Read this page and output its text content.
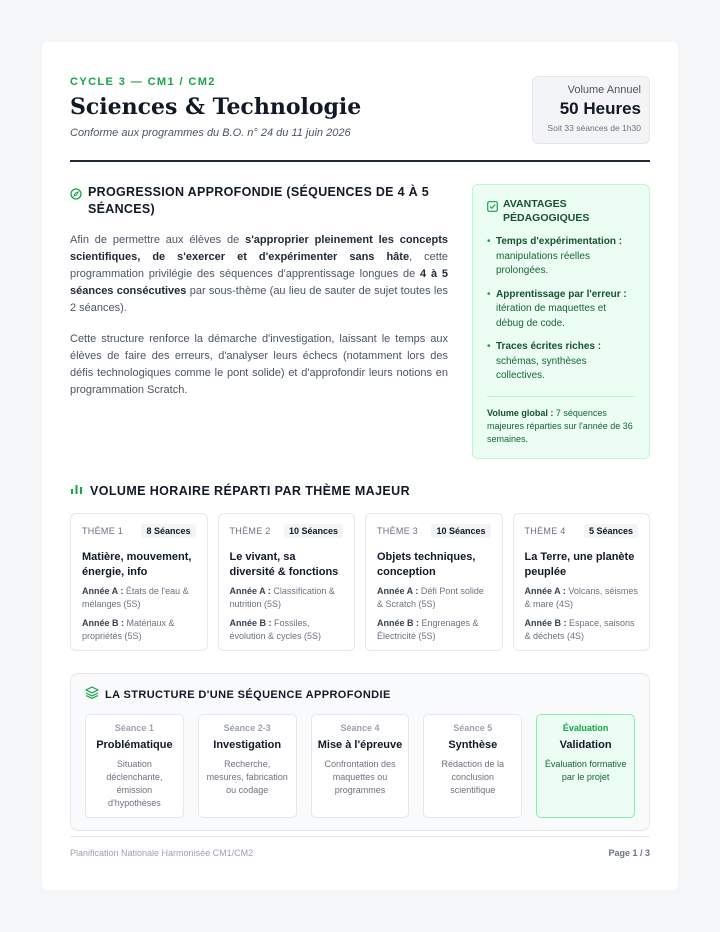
CYCLE 3 — CM1 / CM2
Sciences & Technologie
Conforme aux programmes du B.O. n° 24 du 11 juin 2026
Volume Annuel
50 Heures
Soit 33 séances de 1h30
PROGRESSION APPROFONDIE (SÉQUENCES DE 4 À 5 SÉANCES)

Afin de permettre aux élèves de s'approprier pleinement les concepts scientifiques, de s'exercer et d'expérimenter sans hâte, cette programmation privilégie des séquences d'apprentissage longues de 4 à 5 séances consécutives par sous-thème (au lieu de sauter de sujet toutes les 2 séances).

Cette structure renforce la démarche d'investigation, laissant le temps aux élèves de faire des erreurs, d'analyser leurs échecs (notamment lors des défis technologiques comme le pont solide) et d'approfondir leurs notions en programmation Scratch.

AVANTAGES PÉDAGOGIQUES
• Temps d'expérimentation : manipulations réelles prolongées.
• Apprentissage par l'erreur : itération de maquettes et débug de code.
• Traces écrites riches : schémas, synthèses collectives.
Volume global : 7 séquences majeures réparties sur l'année de 36 semaines.
VOLUME HORAIRE RÉPARTI PAR THÈME MAJEUR
THÈME 1	8 Séances
Matière, mouvement, énergie, info
Année A : États de l'eau & mélanges (5S)
Année B : Matériaux & propriétés (5S)
THÈME 2	10 Séances
Le vivant, sa diversité & fonctions
Année A : Classification & nutrition (5S)
Année B : Fossiles, évolution & cycles (5S)
THÈME 3	10 Séances
Objets techniques, conception
Année A : Défi Pont solide & Scratch (5S)
Année B : Engrenages & Électricité (5S)
THÈME 4	5 Séances
La Terre, une planète peuplée
Année A : Volcans, séismes & mare (4S)
Année B : Espace, saisons & déchets (4S)
LA STRUCTURE D'UNE SÉQUENCE APPROFONDIE
Séance 1
Problématique
Situation déclenchante, émission d'hypothèses
Séance 2-3
Investigation
Recherche, mesures, fabrication ou codage
Séance 4
Mise à l'épreuve
Confrontation des maquettes ou programmes
Séance 5
Synthèse
Rédaction de la conclusion scientifique
Évaluation
Validation
Évaluation formative par le projet
Planification Nationale Harmonisée CM1/CM2	Page 1 / 3
